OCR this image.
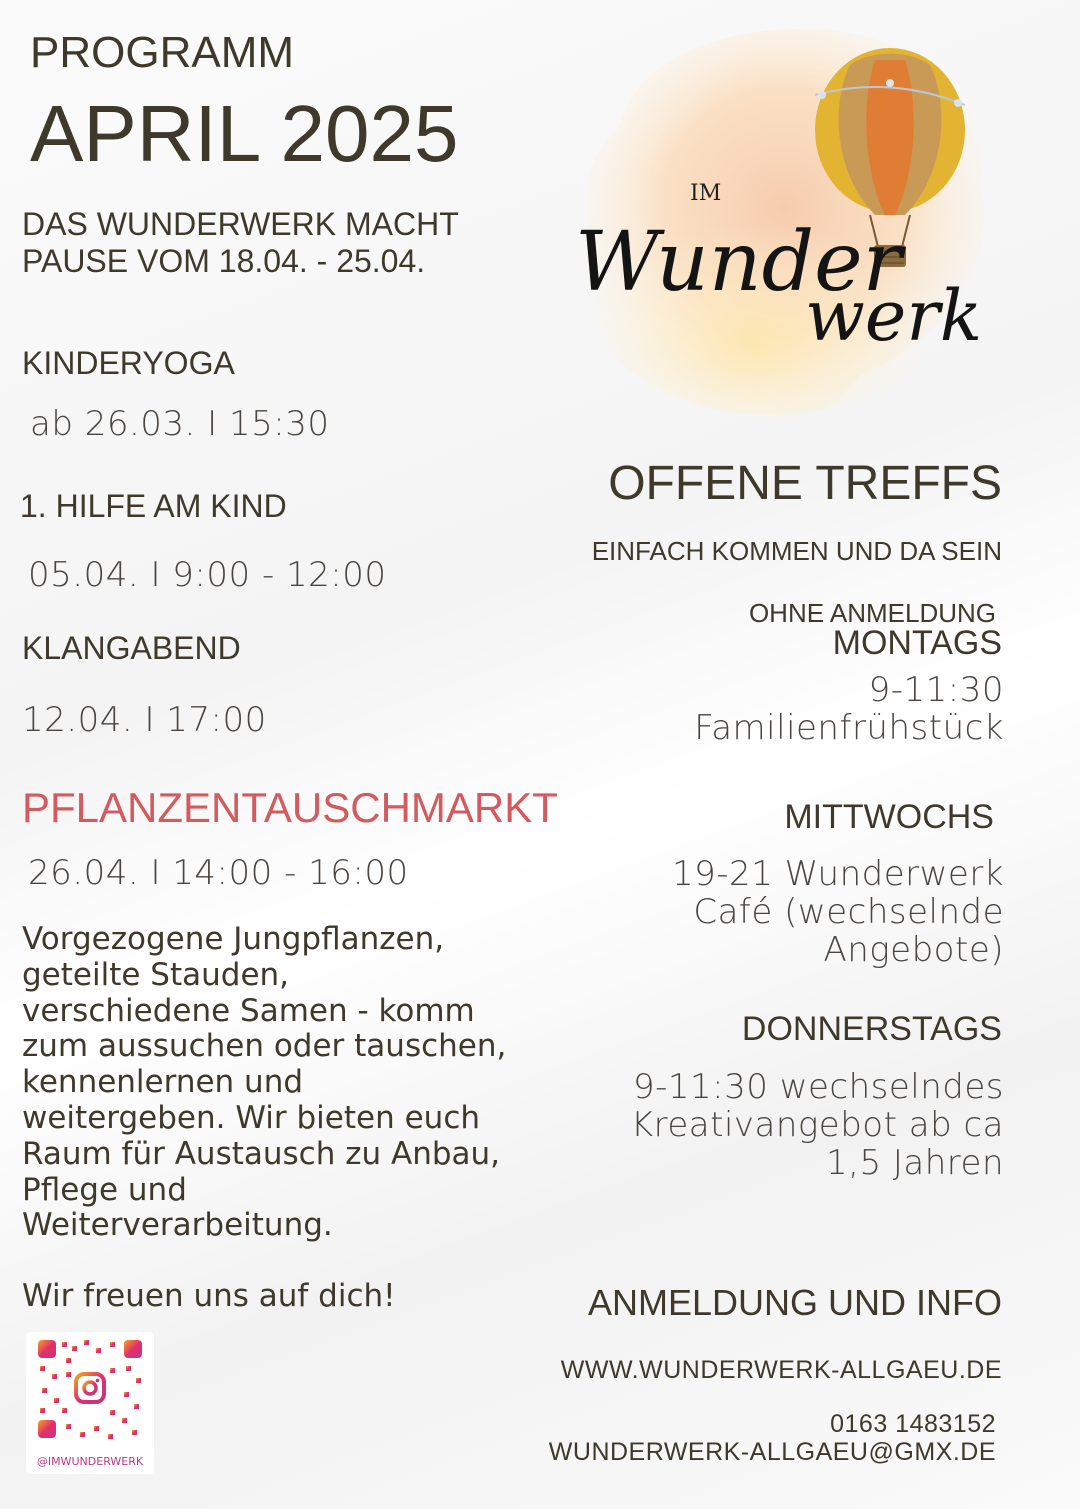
IM
Wunder
werk
PROGRAMM
APRIL 2025
DAS WUNDERWERK MACHT
PAUSE VOM 18.04. - 25.04.
KINDERYOGA
ab 26.03. I 15:30
1. HILFE AM KIND
05.04. I 9:00 - 12:00
KLANGABEND
12.04. I 17:00
PFLANZENTAUSCHMARKT
26.04. I 14:00 - 16:00
Vorgezogene Jungpflanzen,
geteilte Stauden,
verschiedene Samen - komm
zum aussuchen oder tauschen,
kennenlernen und
weitergeben. Wir bieten euch
Raum für Austausch zu Anbau,
Pflege und
Weiterverarbeitung.
Wir freuen uns auf dich!
@IMWUNDERWERK
OFFENE TREFFS
EINFACH KOMMEN UND DA SEIN
OHNE ANMELDUNG
MONTAGS
9-11:30
Familienfrühstück
MITTWOCHS
19-21 Wunderwerk
Café (wechselnde
Angebote)
DONNERSTAGS
9-11:30 wechselndes
Kreativangebot ab ca
1,5 Jahren
ANMELDUNG UND INFO
WWW.WUNDERWERK-ALLGAEU.DE
0163 1483152
WUNDERWERK-ALLGAEU@GMX.DE
